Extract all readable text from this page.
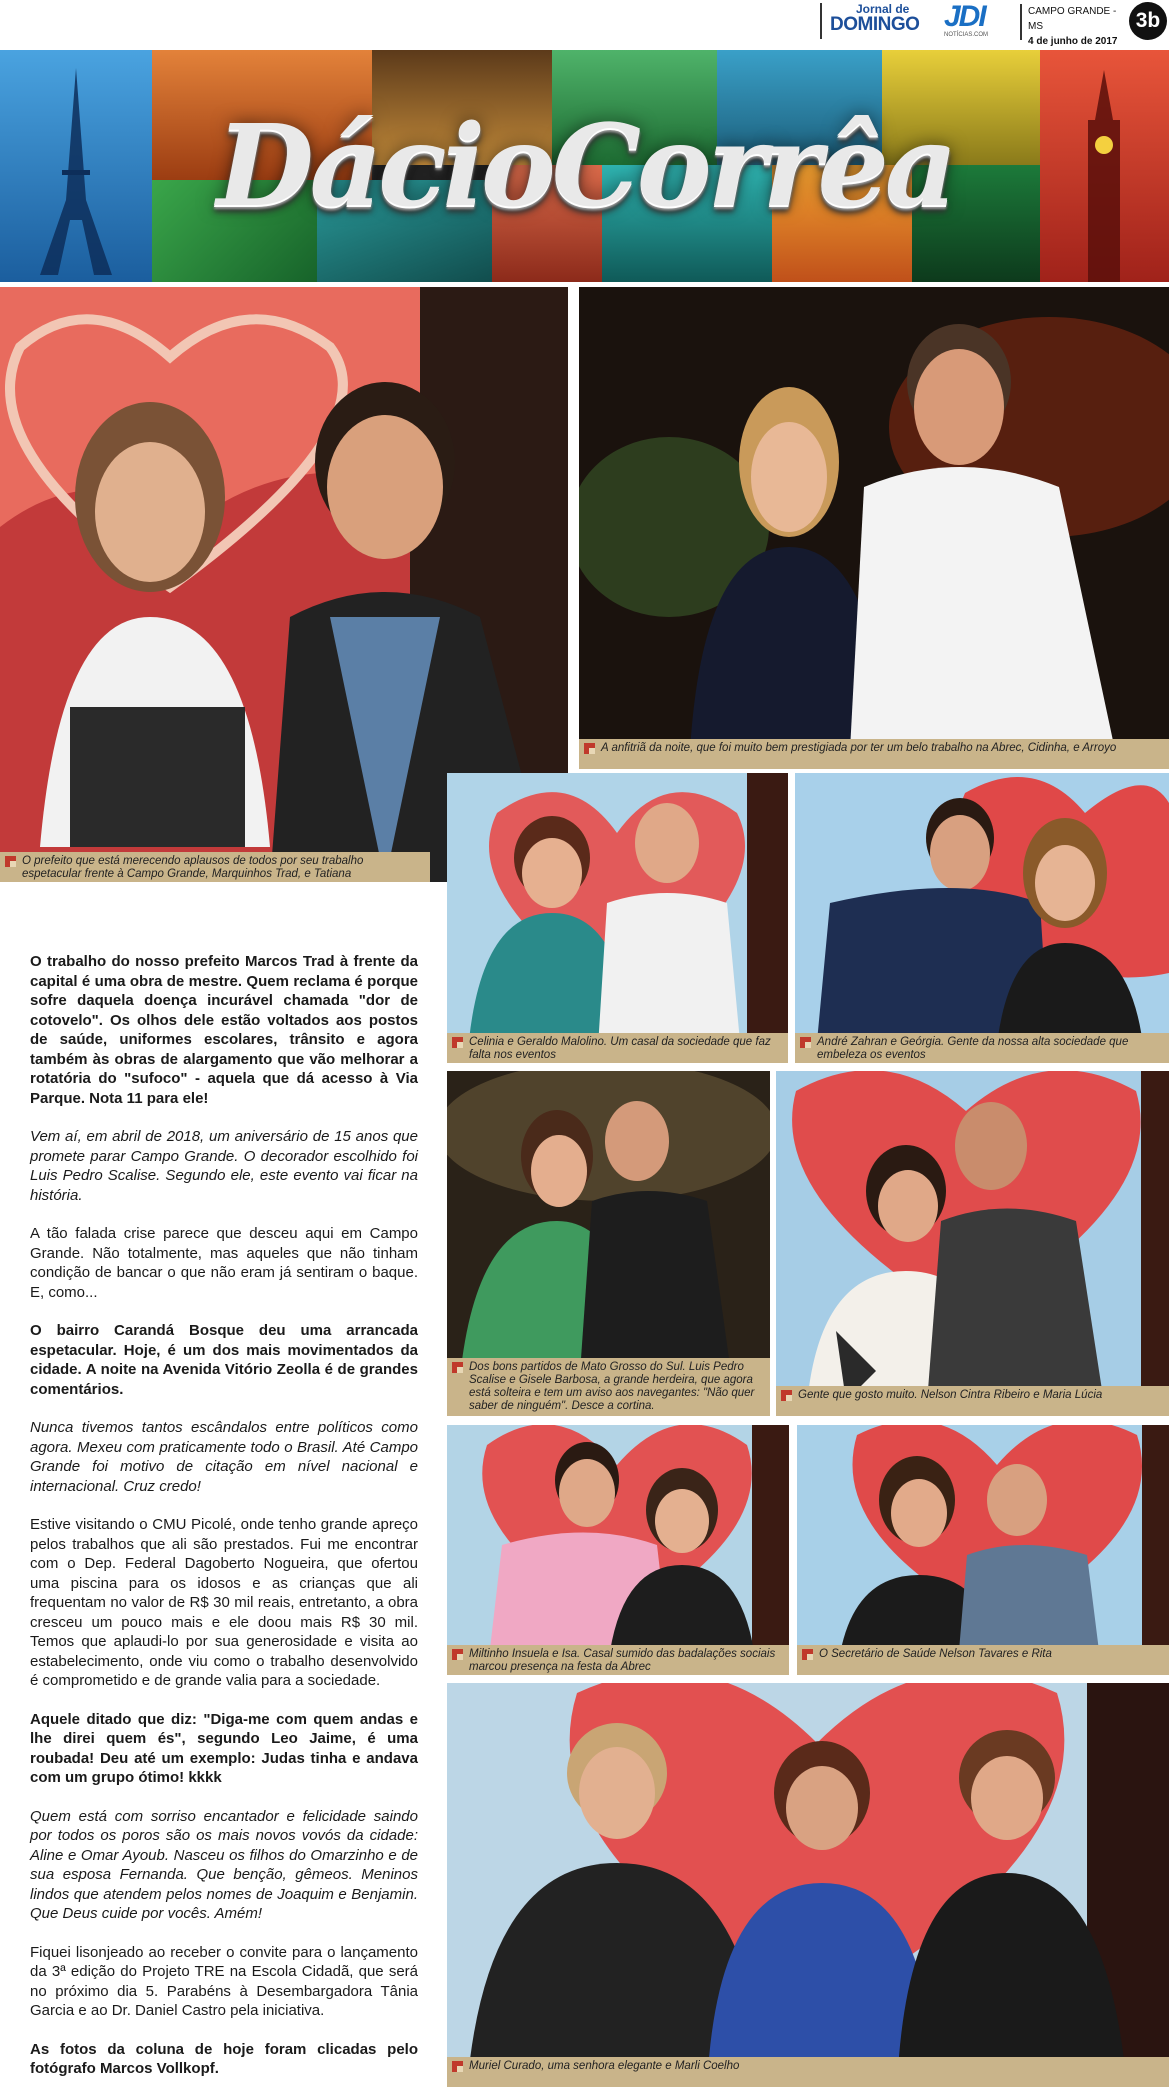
Jornal de
DOMINGO JDI
NOTÍCIAS.COM
CAMPO GRANDE - MS
4 de junho de 2017
3b
DácioCorrêa
O prefeito que está merecendo aplausos de todos por seu trabalho espetacular frente à Campo Grande, Marquinhos Trad, e Tatiana
A anfitriã da noite, que foi muito bem prestigiada por ter um belo trabalho na Abrec, Cidinha, e Arroyo
Celinia e Geraldo Malolino. Um casal da sociedade que faz falta nos eventos
André Zahran e Geórgia. Gente da nossa alta sociedade que embeleza os eventos
Dos bons partidos de Mato Grosso do Sul. Luis Pedro Scalise e Gisele Barbosa, a grande herdeira, que agora está solteira e tem um aviso aos navegantes: "Não quer saber de ninguém". Desce a cortina.
Gente que gosto muito. Nelson Cintra Ribeiro e Maria Lúcia
Miltinho Insuela e Isa. Casal sumido das badalações sociais marcou presença na festa da Abrec
O Secretário de Saúde Nelson Tavares e Rita
Muriel Curado, uma senhora elegante e Marli Coelho

O trabalho do nosso prefeito Marcos Trad à frente da capital é uma obra de mestre. Quem reclama é porque sofre daquela doença incurável chamada "dor de cotovelo". Os olhos dele estão voltados aos postos de saúde, uniformes escolares, trânsito e agora também às obras de alargamento que vão melhorar a rotatória do "sufoco" - aquela que dá acesso à Via Parque. Nota 11 para ele!

Vem aí, em abril de 2018, um aniversário de 15 anos que promete parar Campo Grande. O decorador escolhido foi Luis Pedro Scalise. Segundo ele, este evento vai ficar na história.

A tão falada crise parece que desceu aqui em Campo Grande. Não totalmente, mas aqueles que não tinham condição de bancar o que não eram já sentiram o baque. E, como...

O bairro Carandá Bosque deu uma arrancada espetacular. Hoje, é um dos mais movimentados da cidade. A noite na Avenida Vitório Zeolla é de grandes comentários.

Nunca tivemos tantos escândalos entre políticos como agora. Mexeu com praticamente todo o Brasil. Até Campo Grande foi motivo de citação em nível nacional e internacional. Cruz credo!

Estive visitando o CMU Picolé, onde tenho grande apreço pelos trabalhos que ali são prestados. Fui me encontrar com o Dep. Federal Dagoberto Nogueira, que ofertou uma piscina para os idosos e as crianças que ali frequentam no valor de R$ 30 mil reais, entretanto, a obra cresceu um pouco mais e ele doou mais R$ 30 mil. Temos que aplaudi-lo por sua generosidade e visita ao estabelecimento, onde viu como o trabalho desenvolvido é comprometido e de grande valia para a sociedade.

Aquele ditado que diz: "Diga-me com quem andas e lhe direi quem és", segundo Leo Jaime, é uma roubada! Deu até um exemplo: Judas tinha e andava com um grupo ótimo! kkkk

Quem está com sorriso encantador e felicidade saindo por todos os poros são os mais novos vovós da cidade: Aline e Omar Ayoub. Nasceu os filhos do Omarzinho e de sua esposa Fernanda. Que benção, gêmeos. Meninos lindos que atendem pelos nomes de Joaquim e Benjamin. Que Deus cuide por vocês. Amém!

Fiquei lisonjeado ao receber o convite para o lançamento da 3ª edição do Projeto TRE na Escola Cidadã, que será no próximo dia 5. Parabéns à Desembargadora Tânia Garcia e ao Dr. Daniel Castro pela iniciativa.

As fotos da coluna de hoje foram clicadas pelo fotógrafo Marcos Vollkopf.
